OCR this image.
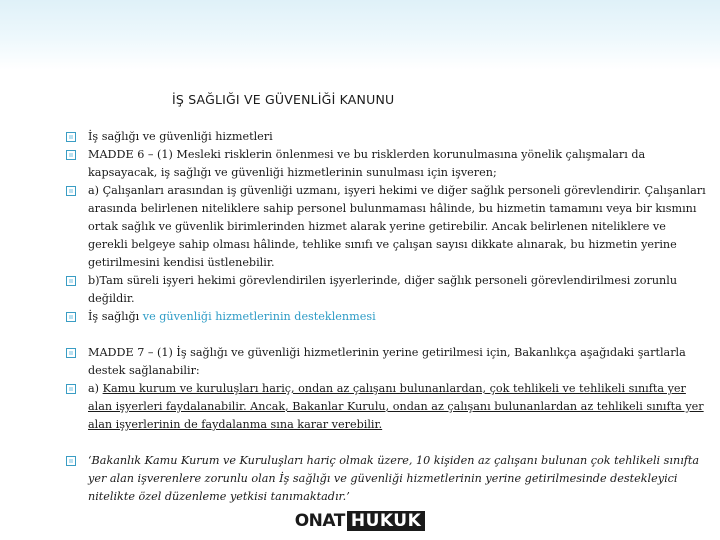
İŞ SAĞLIĞI VE GÜVENLİĞİ KANUNU
İş sağlığı ve güvenliği hizmetleri
MADDE 6 – (1) Mesleki risklerin önlenmesi ve bu risklerden korunulmasına yönelik çalışmaları da kapsayacak, iş sağlığı ve güvenliği hizmetlerinin sunulması için işveren;
a) Çalışanları arasından iş güvenliği uzmanı, işyeri hekimi ve diğer sağlık personeli görevlendirir. Çalışanları arasında belirlenen niteliklere sahip personel bulunmaması hâlinde, bu hizmetin tamamını veya bir kısmını ortak sağlık ve güvenlik birimlerinden hizmet alarak yerine getirebilir. Ancak belirlenen niteliklere ve gerekli belgeye sahip olması hâlinde, tehlike sınıfı ve çalışan sayısı dikkate alınarak, bu hizmetin yerine getirilmesini kendisi üstlenebilir.
b)Tam süreli işyeri hekimi görevlendirilen işyerlerinde, diğer sağlık personeli görevlendirilmesi zorunlu değildir.
İş sağlığı ve güvenliği hizmetlerinin desteklenmesi
MADDE 7 – (1) İş sağlığı ve güvenliği hizmetlerinin yerine getirilmesi için, Bakanlıkça aşağıdaki şartlarla destek sağlanabilir:
a) Kamu kurum ve kuruluşları hariç, ondan az çalışanı bulunanlardan, çok tehlikeli ve tehlikeli sınıfta yer alan işyerleri faydalanabilir. Ancak, Bakanlar Kurulu, ondan az çalışanı bulunanlardan az tehlikeli sınıfta yer alan işyerlerinin de faydalanma sına karar verebilir.
‘Bakanlık Kamu Kurum ve Kuruluşları hariç olmak üzere, 10 kişiden az çalışanı bulunan çok tehlikeli sınıfta yer alan işverenlere zorunlu olan İş sağlığı ve güvenliği hizmetlerinin yerine getirilmesinde destekleyici nitelikte özel düzenleme yetkisi tanımaktadır.’
ONAT HUKUK
